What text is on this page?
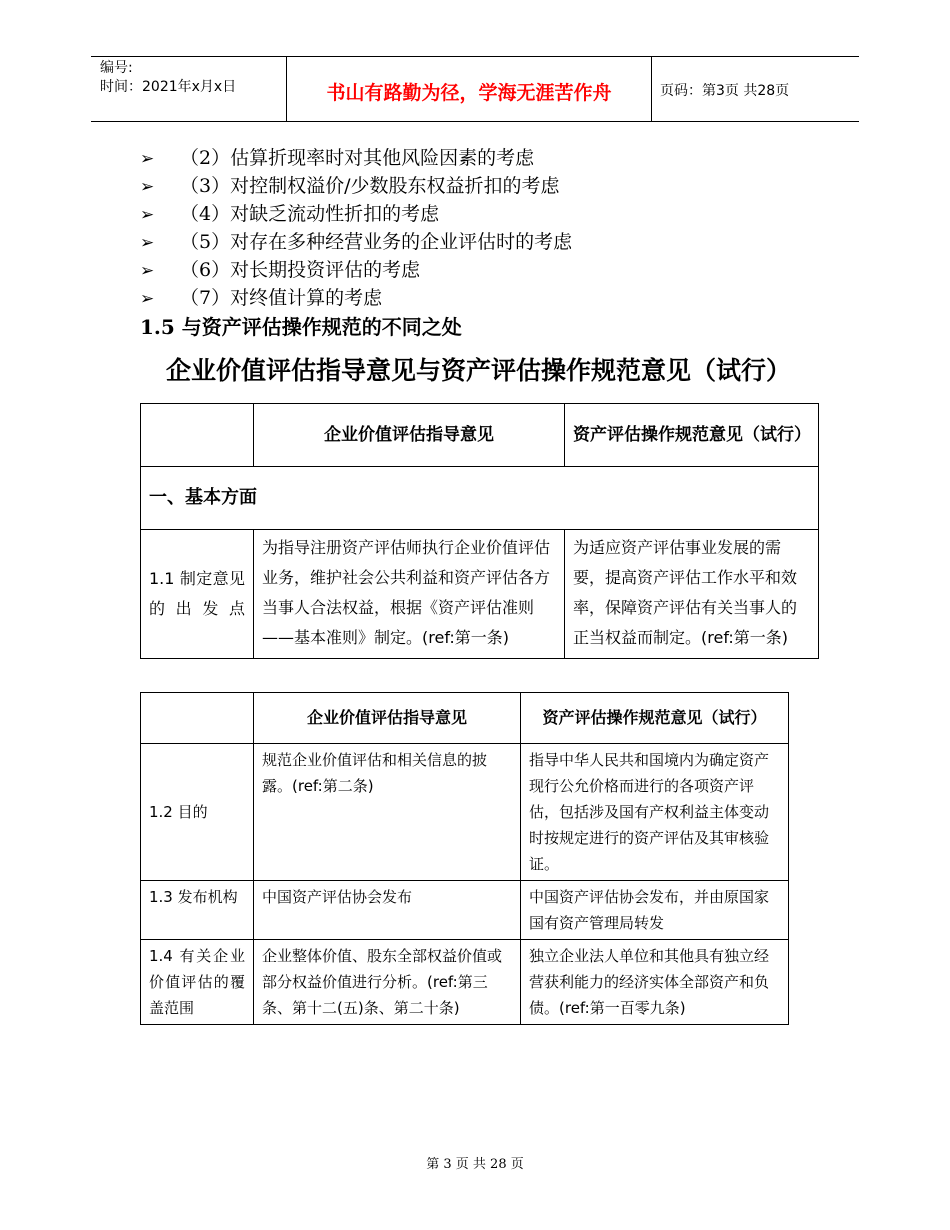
编号:
时间：2021年x月x日	书山有路勤为径，学海无涯苦作舟	页码：第3页 共28页
➢ （2）估算折现率时对其他风险因素的考虑
➢ （3）对控制权溢价/少数股东权益折扣的考虑
➢ （4）对缺乏流动性折扣的考虑
➢ （5）对存在多种经营业务的企业评估时的考虑
➢ （6）对长期投资评估的考虑
➢ （7）对终值计算的考虑
1.5 与资产评估操作规范的不同之处
企业价值评估指导意见与资产评估操作规范意见（试行）
	企业价值评估指导意见	资产评估操作规范意见（试行）
一、基本方面		
1.1 制定意见的出发点	为指导注册资产评估师执行企业价值评估业务，维护社会公共利益和资产评估各方当事人合法权益，根据《资产评估准则——基本准则》制定。(ref:第一条)	为适应资产评估事业发展的需要，提高资产评估工作水平和效率，保障资产评估有关当事人的正当权益而制定。(ref:第一条)
	企业价值评估指导意见	资产评估操作规范意见（试行）
1.2 目的	规范企业价值评估和相关信息的披露。(ref:第二条)	指导中华人民共和国境内为确定资产现行公允价格而进行的各项资产评估，包括涉及国有产权利益主体变动时按规定进行的资产评估及其审核验证。
1.3 发布机构	中国资产评估协会发布	中国资产评估协会发布，并由原国家国有资产管理局转发
1.4 有关企业价值评估的覆盖范围	企业整体价值、股东全部权益价值或部分权益价值进行分析。(ref:第三条、第十二(五)条、第二十条)	独立企业法人单位和其他具有独立经营获利能力的经济实体全部资产和负债。(ref:第一百零九条)
第 3 页 共 28 页
